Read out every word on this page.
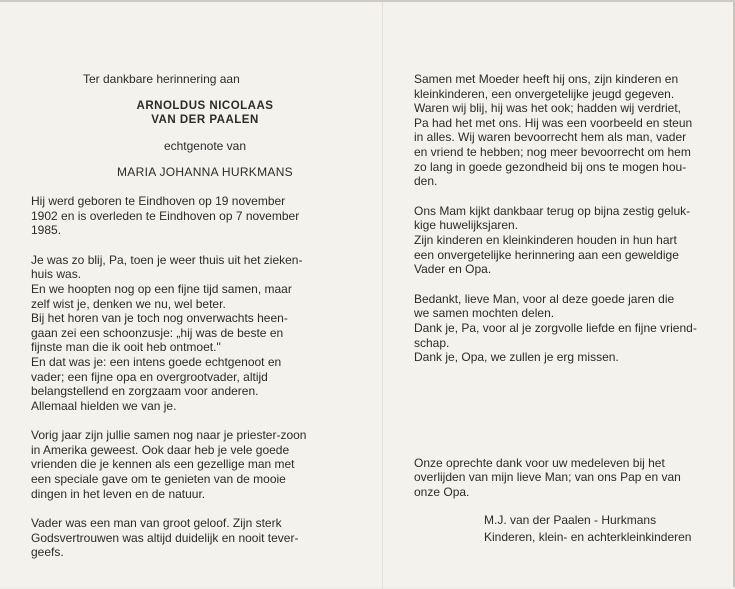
Ter dankbare herinnering aan

ARNOLDUS NICOLAAS

VAN DER PAALEN

echtgenote van

MARIA JOHANNA HURKMANS

Hij werd geboren te Eindhoven op 19 november

1902 en is overleden te Eindhoven op 7 november

1985.

Je was zo blij, Pa, toen je weer thuis uit het zieken-

huis was.

En we hoopten nog op een fijne tijd samen, maar

zelf wist je, denken we nu, wel beter.

Bij het horen van je toch nog onverwachts heen-

gaan zei een schoonzusje: „hij was de beste en

fijnste man die ik ooit heb ontmoet."

En dat was je: een intens goede echtgenoot en

vader; een fijne opa en overgrootvader, altijd

belangstellend en zorgzaam voor anderen.

Allemaal hielden we van je.

Vorig jaar zijn jullie samen nog naar je priester-zoon

in Amerika geweest. Ook daar heb je vele goede

vrienden die je kennen als een gezellige man met

een speciale gave om te genieten van de mooie

dingen in het leven en de natuur.

Vader was een man van groot geloof. Zijn sterk

Godsvertrouwen was altijd duidelijk en nooit tever-

geefs.

Samen met Moeder heeft hij ons, zijn kinderen en

kleinkinderen, een onvergetelijke jeugd gegeven.

Waren wij blij, hij was het ook; hadden wij verdriet,

Pa had het met ons. Hij was een voorbeeld en steun

in alles. Wij waren bevoorrecht hem als man, vader

en vriend te hebben; nog meer bevoorrecht om hem

zo lang in goede gezondheid bij ons te mogen hou-

den.

Ons Mam kijkt dankbaar terug op bijna zestig geluk-

kige huwelijksjaren.

Zijn kinderen en kleinkinderen houden in hun hart

een onvergetelijke herinnering aan een geweldige

Vader en Opa.

Bedankt, lieve Man, voor al deze goede jaren die

we samen mochten delen.

Dank je, Pa, voor al je zorgvolle liefde en fijne vriend-

schap.

Dank je, Opa, we zullen je erg missen.

Onze oprechte dank voor uw medeleven bij het

overlijden van mijn lieve Man; van ons Pap en van

onze Opa.

M.J. van der Paalen - Hurkmans

Kinderen, klein- en achterkleinkinderen
